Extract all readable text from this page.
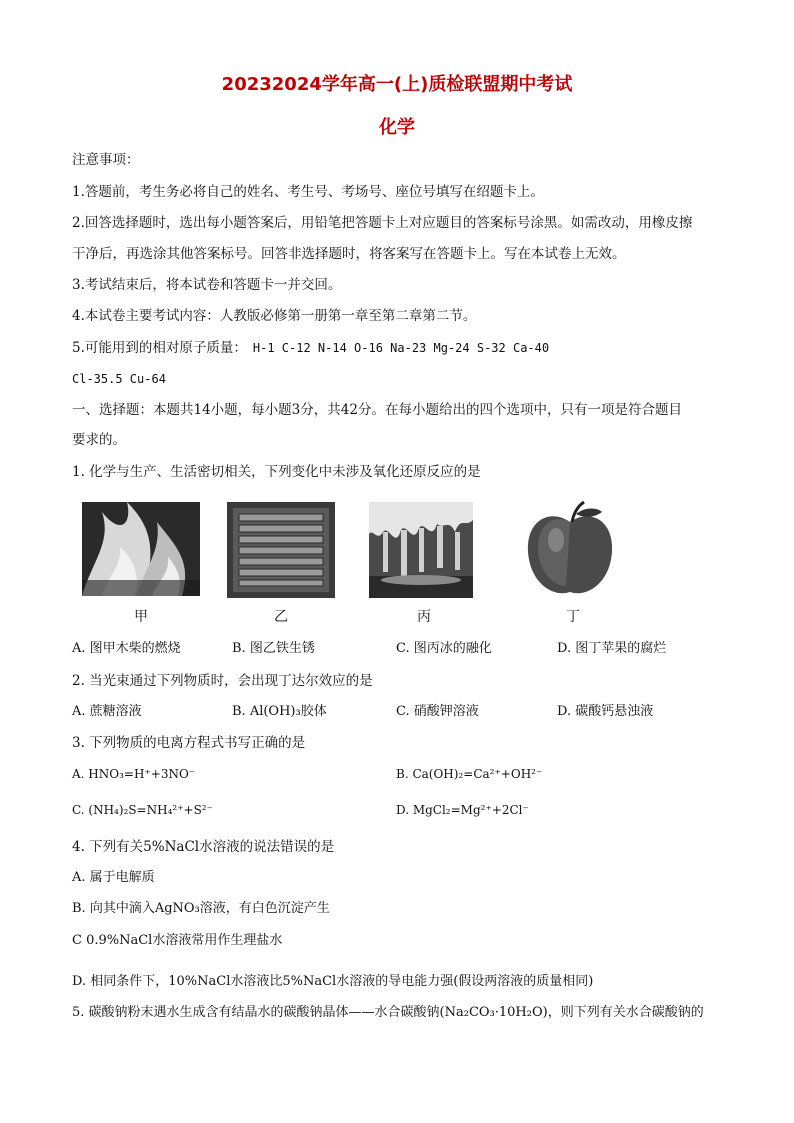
20232024学年高一(上)质检联盟期中考试
化学
注意事项：
1.答题前，考生务必将自己的姓名、考生号、考场号、座位号填写在绍题卡上。
2.回答选择题时，选出每小题答案后，用铅笔把答题卡上对应题目的答案标号涂黑。如需改动，用橡皮擦
干净后，再选涂其他答案标号。回答非选择题时，将客案写在答题卡上。写在本试卷上无效。
3.考试结束后，将本试卷和答题卡一并交回。
4.本试卷主要考试内容：人教版必修第一册第一章至第二章第二节。
5.可能用到的相对原子质量： H-1 C-12 N-14 O-16 Na-23 Mg-24 S-32 Ca-40
Cl-35.5 Cu-64
一、选择题：本题共14小题，每小题3分，共42分。在每小题给出的四个选项中，只有一项是符合题目
要求的。
1. 化学与生产、生活密切相关，下列变化中未涉及氧化还原反应的是
甲	乙	丙	丁
A. 图甲木柴的燃烧	B. 图乙铁生锈	C. 图丙冰的融化	D. 图丁苹果的腐烂
2. 当光束通过下列物质时，会出现丁达尔效应的是
A. 蔗糖溶液	B. Al(OH)₃胶体	C. 硝酸钾溶液	D. 碳酸钙悬浊液
3. 下列物质的电离方程式书写正确的是
A. HNO₃=H⁺+3NO⁻	B. Ca(OH)₂=Ca²⁺+OH²⁻
C. (NH₄)₂S=NH₄²⁺+S²⁻	D. MgCl₂=Mg²⁺+2Cl⁻
4. 下列有关5%NaCl水溶液的说法错误的是
A. 属于电解质
B. 向其中滴入AgNO₃溶液，有白色沉淀产生
C 0.9%NaCl水溶液常用作生理盐水
D. 相同条件下，10%NaCl水溶液比5%NaCl水溶液的导电能力强(假设两溶液的质量相同)
5. 碳酸钠粉末遇水生成含有结晶水的碳酸钠晶体——水合碳酸钠(Na₂CO₃·10H₂O)，则下列有关水合碳酸钠的
